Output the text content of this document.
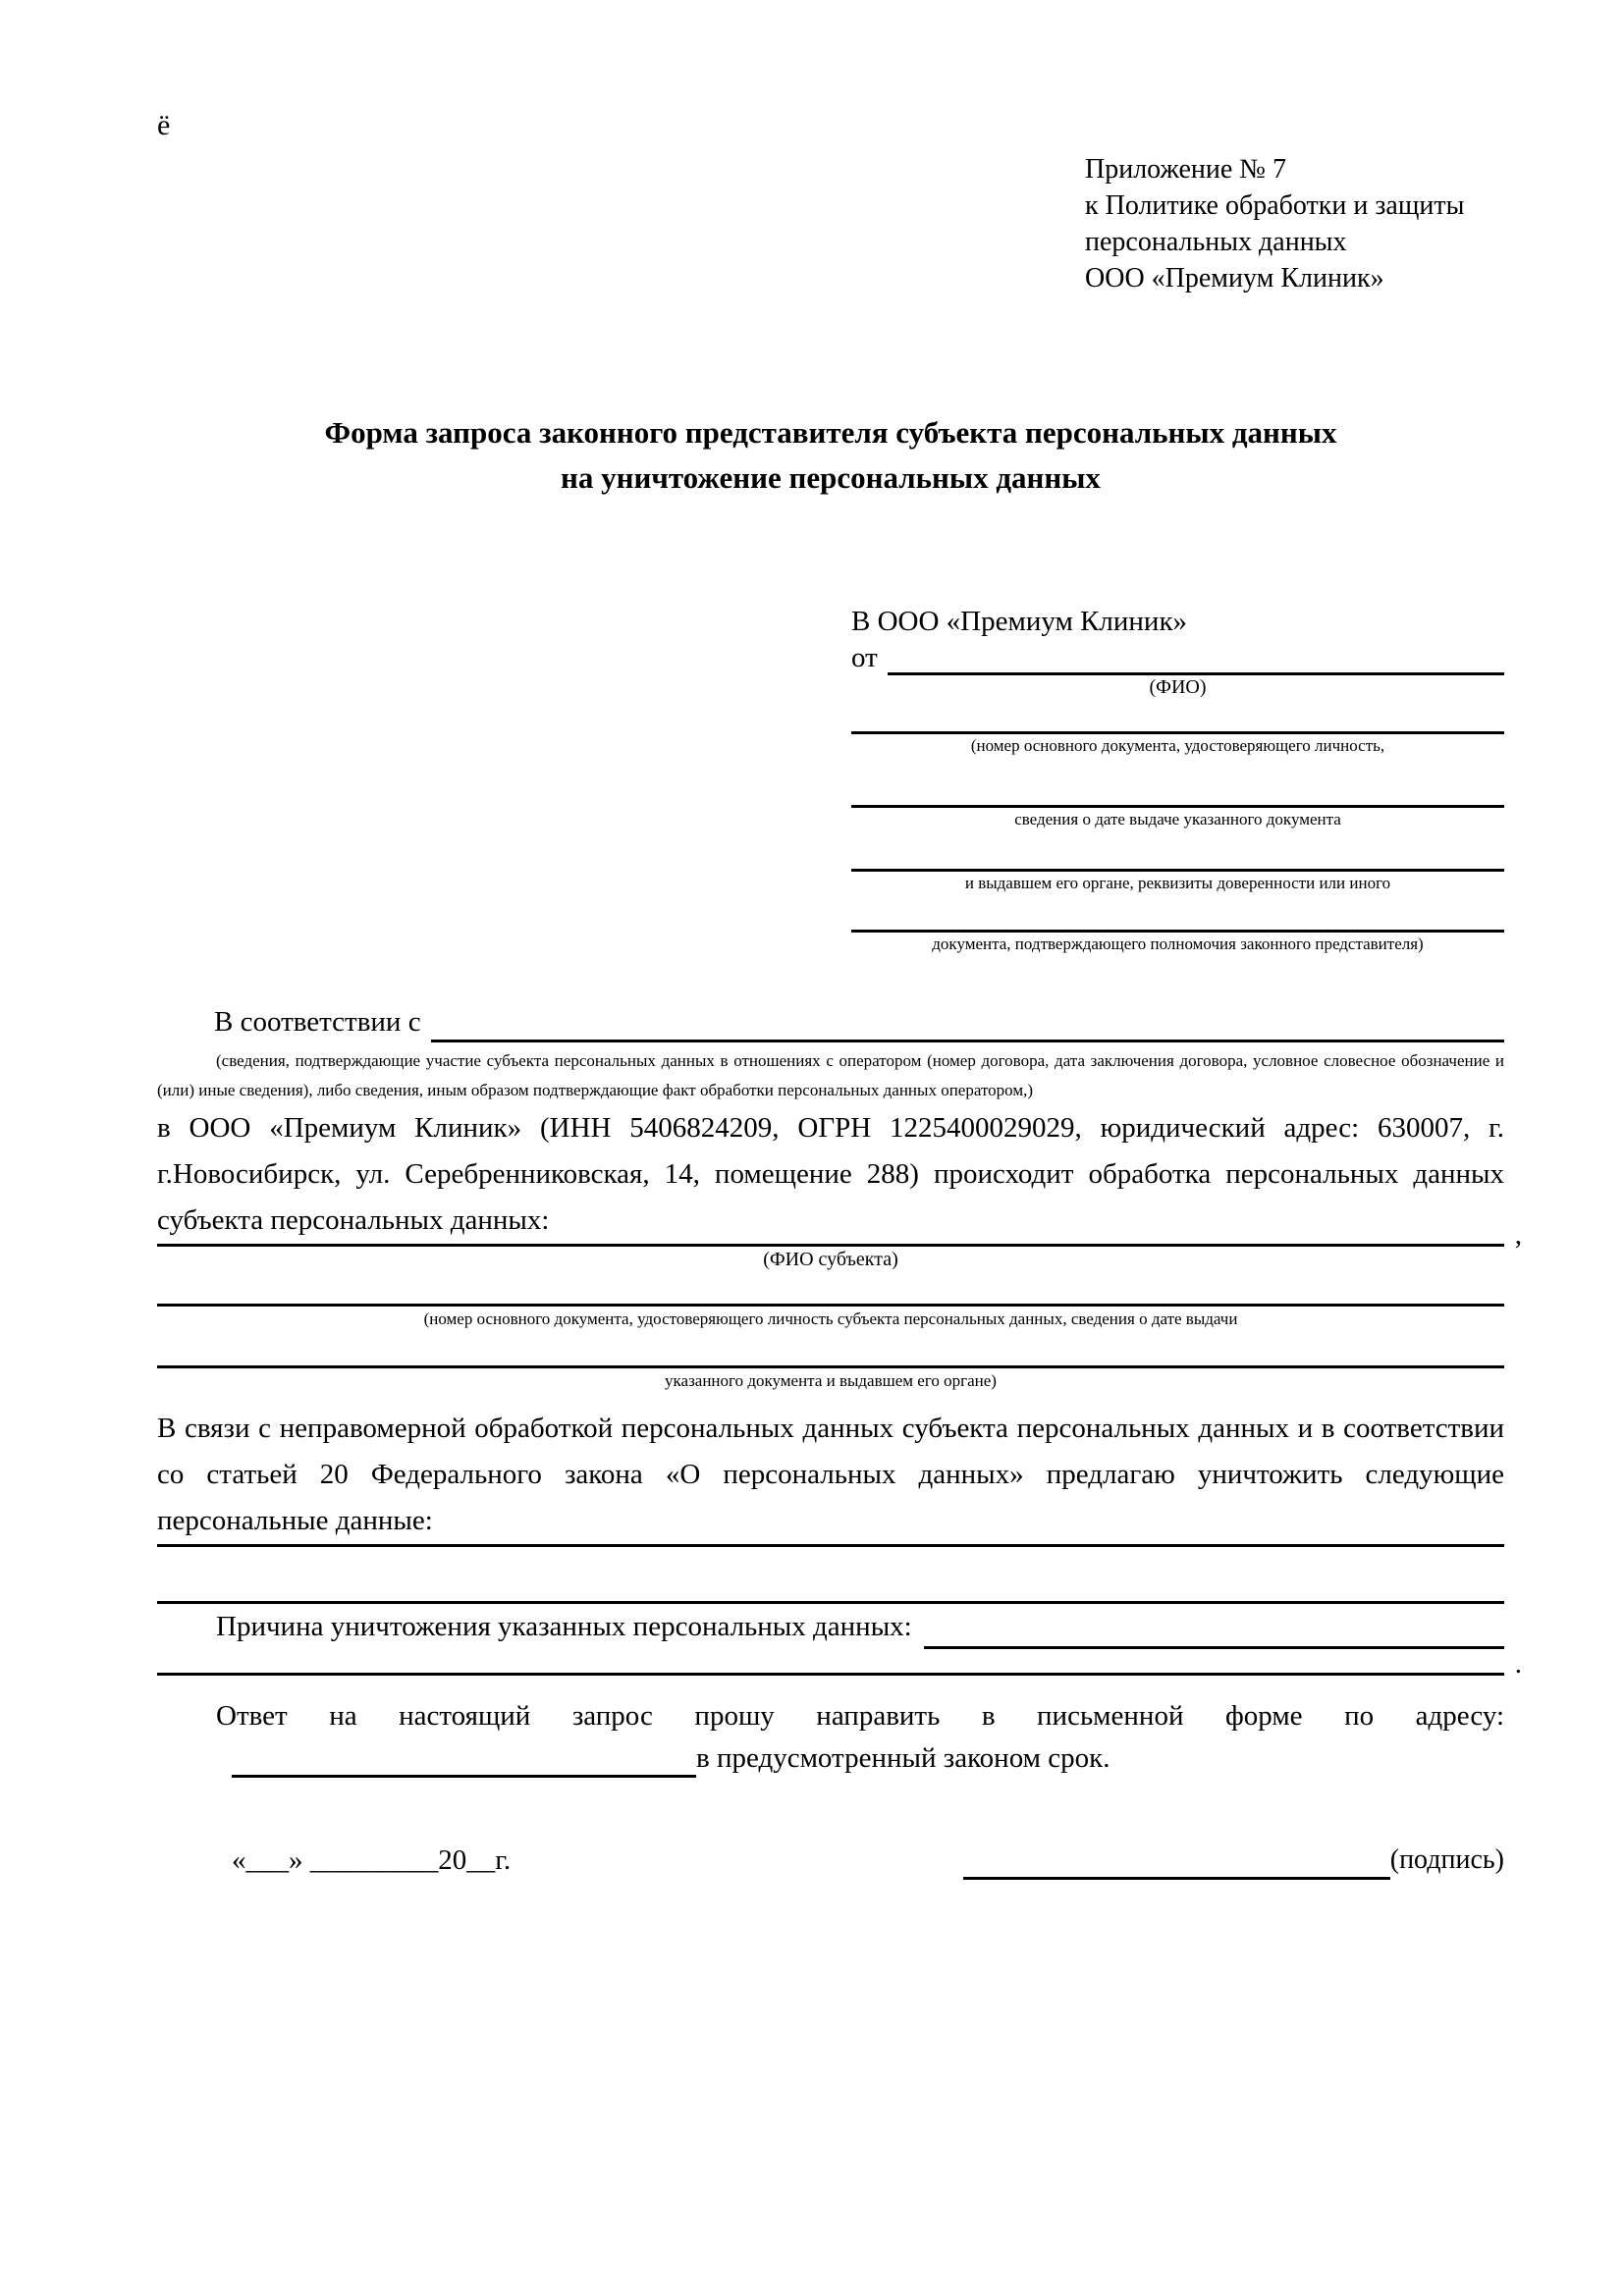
ё
Приложение № 7
к Политике обработки и защиты
персональных данных
ООО «Премиум Клиник»
Форма запроса законного представителя субъекта персональных данных
на уничтожение персональных данных
В ООО «Премиум Клиник»
от
(ФИО)
(номер основного документа, удостоверяющего личность,
сведения о дате выдаче указанного документа
и выдавшем его органе, реквизиты доверенности или иного
документа, подтверждающего полномочия законного представителя)
В соответствии с
(сведения, подтверждающие участие субъекта персональных данных в отношениях с оператором (номер договора, дата заключения договора, условное словесное обозначение и (или) иные сведения), либо сведения, иным образом подтверждающие факт обработки персональных данных оператором,)
в ООО «Премиум Клиник» (ИНН 5406824209, ОГРН 1225400029029, юридический адрес: 630007, г. г.Новосибирск, ул. Серебренниковская, 14, помещение 288) происходит обработка персональных данных субъекта персональных данных:	,
(ФИО субъекта)
(номер основного документа, удостоверяющего личность субъекта персональных данных, сведения о дате выдачи
указанного документа и выдавшем его органе)
В связи с неправомерной обработкой персональных данных субъекта персональных данных и в соответствии со статьей 20 Федерального закона «О персональных данных» предлагаю уничтожить следующие персональные данные:
Причина уничтожения указанных персональных данных:
.
Ответ на настоящий запрос прошу направить в письменной форме по адресу:
в предусмотренный законом срок.
«___» _________20__г.	(подпись)
